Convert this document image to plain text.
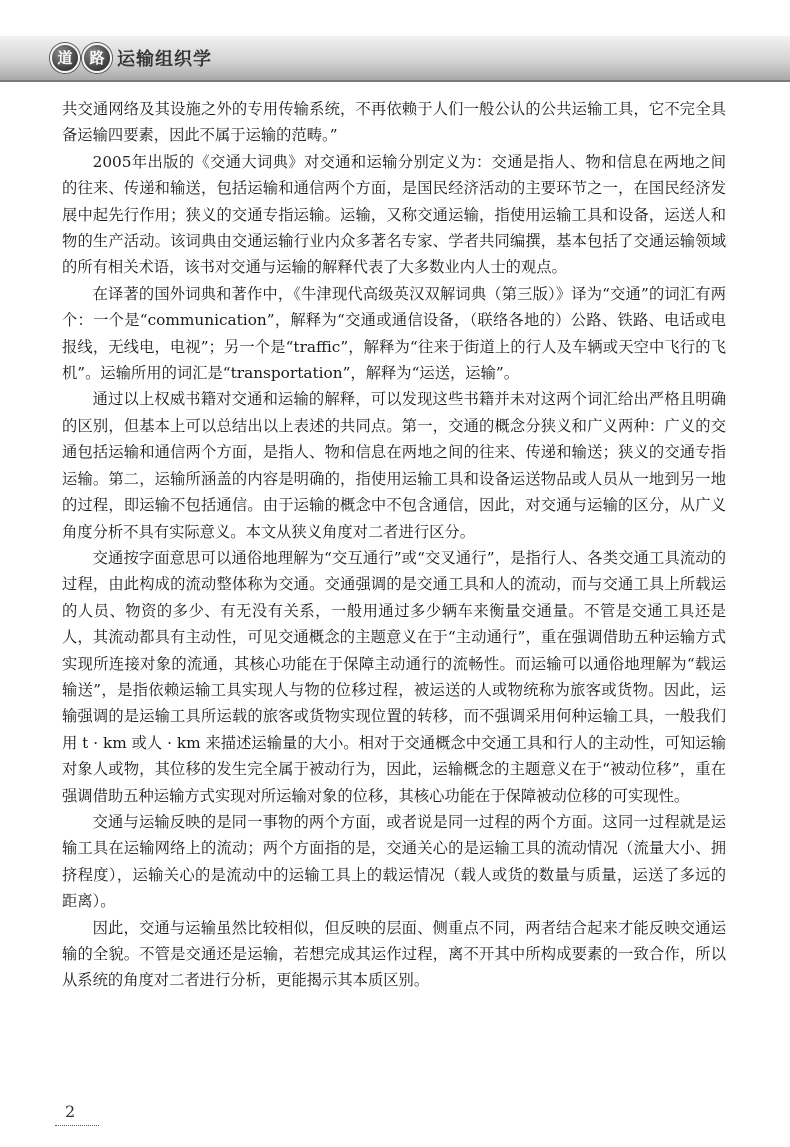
道	路 运输组织学

共交通网络及其设施之外的专用传输系统，不再依赖于人们一般公认的公共运输工具，它不完全具备运输四要素，因此不属于运输的范畴。”

2005年出版的《交通大词典》对交通和运输分别定义为：交通是指人、物和信息在两地之间的往来、传递和输送，包括运输和通信两个方面，是国民经济活动的主要环节之一，在国民经济发展中起先行作用；狭义的交通专指运输。运输，又称交通运输，指使用运输工具和设备，运送人和物的生产活动。该词典由交通运输行业内众多著名专家、学者共同编撰，基本包括了交通运输领域的所有相关术语，该书对交通与运输的解释代表了大多数业内人士的观点。

在译著的国外词典和著作中，《牛津现代高级英汉双解词典（第三版）》译为“交通”的词汇有两个：一个是“communication”，解释为“交通或通信设备，（联络各地的）公路、铁路、电话或电报线，无线电，电视”；另一个是“traffic”，解释为“往来于街道上的行人及车辆或天空中飞行的飞机”。运输所用的词汇是“transportation”，解释为“运送，运输”。

通过以上权威书籍对交通和运输的解释，可以发现这些书籍并未对这两个词汇给出严格且明确的区别，但基本上可以总结出以上表述的共同点。第一，交通的概念分狭义和广义两种：广义的交通包括运输和通信两个方面，是指人、物和信息在两地之间的往来、传递和输送；狭义的交通专指运输。第二，运输所涵盖的内容是明确的，指使用运输工具和设备运送物品或人员从一地到另一地的过程，即运输不包括通信。由于运输的概念中不包含通信，因此，对交通与运输的区分，从广义角度分析不具有实际意义。本文从狭义角度对二者进行区分。

交通按字面意思可以通俗地理解为“交互通行”或“交叉通行”，是指行人、各类交通工具流动的过程，由此构成的流动整体称为交通。交通强调的是交通工具和人的流动，而与交通工具上所载运的人员、物资的多少、有无没有关系，一般用通过多少辆车来衡量交通量。不管是交通工具还是人，其流动都具有主动性，可见交通概念的主题意义在于“主动通行”，重在强调借助五种运输方式实现所连接对象的流通，其核心功能在于保障主动通行的流畅性。而运输可以通俗地理解为“载运输送”，是指依赖运输工具实现人与物的位移过程，被运送的人或物统称为旅客或货物。因此，运输强调的是运输工具所运载的旅客或货物实现位置的转移，而不强调采用何种运输工具，一般我们用 t · km 或人 · km 来描述运输量的大小。相对于交通概念中交通工具和行人的主动性，可知运输对象人或物，其位移的发生完全属于被动行为，因此，运输概念的主题意义在于“被动位移”，重在强调借助五种运输方式实现对所运输对象的位移，其核心功能在于保障被动位移的可实现性。

交通与运输反映的是同一事物的两个方面，或者说是同一过程的两个方面。这同一过程就是运输工具在运输网络上的流动；两个方面指的是，交通关心的是运输工具的流动情况（流量大小、拥挤程度），运输关心的是流动中的运输工具上的载运情况（载人或货的数量与质量，运送了多远的距离）。

因此，交通与运输虽然比较相似，但反映的层面、侧重点不同，两者结合起来才能反映交通运输的全貌。不管是交通还是运输，若想完成其运作过程，离不开其中所构成要素的一致合作，所以从系统的角度对二者进行分析，更能揭示其本质区别。

2
